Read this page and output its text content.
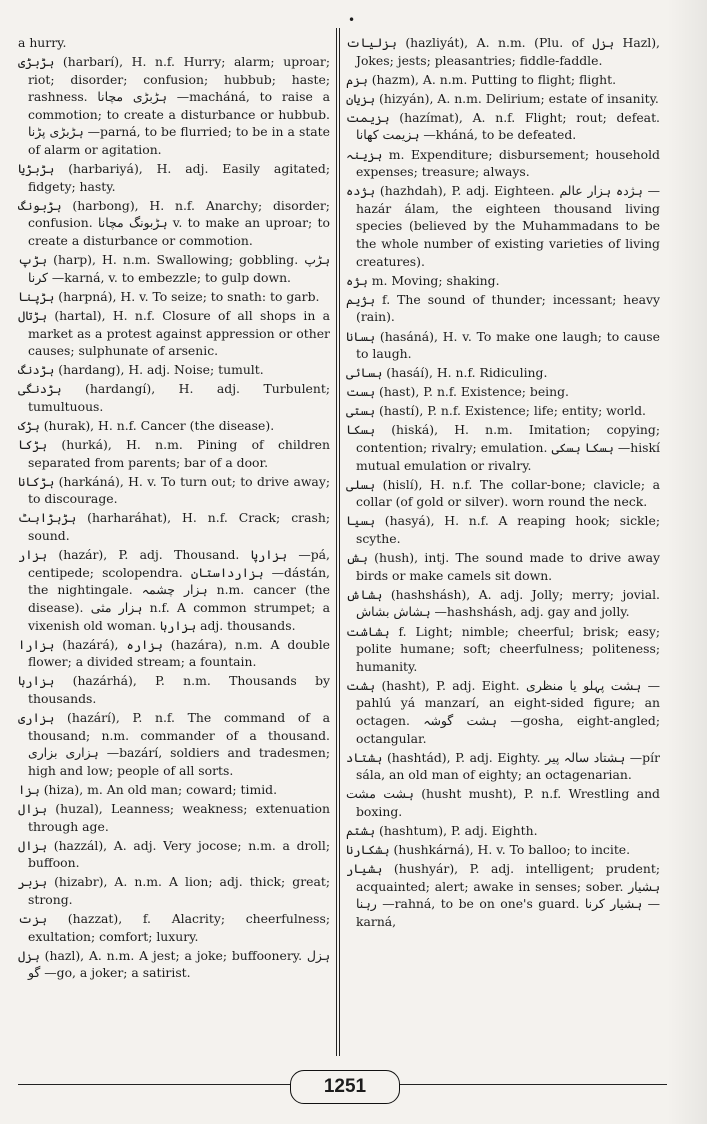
•

a hurry.

ہڑبڑی (harbarí), H. n.f. Hurry; alarm; uproar; riot; disorder; confusion; hubbub; haste; rashness. ہڑبڑی مچانا —macháná, to raise a commotion; to create a disturbance or hubbub. ہڑبڑی پڑنا —parná, to be flurried; to be in a state of alarm or agitation.

ہڑبڑیا (harbariyá), H. adj. Easily agitated; fidgety; hasty.

ہڑبونگ (harbong), H. n.f. Anarchy; disorder; confusion. ہڑبونگ مچانا v. to make an uproar; to create a disturbance or commotion.

ہڑپ (harp), H. n.m. Swallowing; gobbling. ہڑپ کرنا —karná, v. to embezzle; to gulp down.

ہڑپنا (harpná), H. v. To seize; to snath: to garb.

ہڑتال (hartal), H. n.f. Closure of all shops in a market as a protest against appression or other causes; sulphunate of arsenic.

ہڑدنگ (hardang), H. adj. Noise; tumult.

ہڑدنگی (hardangí), H. adj. Turbulent; tumultuous.

ہڑک (hurak), H. n.f. Cancer (the disease).

ہڑکا (hurká), H. n.m. Pining of children separated from parents; bar of a door.

ہڑکانا (harkáná), H. v. To turn out; to drive away; to discourage.

ہڑہڑاہٹ (harharáhat), H. n.f. Crack; crash; sound.

ہزار (hazár), P. adj. Thousand. ہزارپا —pá, centipede; scolopendra. ہزارداستان —dástán, the nightingale. ہزار چشمہ n.m. cancer (the disease). ہزار مثی n.f. A common strumpet; a vixenish old woman. ہزارہا adj. thousands.

ہزارا (hazárá), ہزارہ (hazára), n.m. A double flower; a divided stream; a fountain.

ہزارہا (hazárhá), P. n.m. Thousands by thousands.

ہزاری (hazárí), P. n.f. The command of a thousand; n.m. commander of a thousand. ہزاری بزاری —bazárí, soldiers and tradesmen; high and low; people of all sorts.

ہزا (hiza), m. An old man; coward; timid.

ہزال (huzal), Leanness; weakness; extenuation through age.

ہزال (hazzál), A. adj. Very jocose; n.m. a droll; buffoon.

ہزبر (hizabr), A. n.m. A lion; adj. thick; great; strong.

ہزت (hazzat), f. Alacrity; cheerfulness; exultation; comfort; luxury.

ہزل (hazl), A. n.m. A jest; a joke; buffoonery. ہزل گو —go, a joker; a satirist.

ہزلیات (hazliyát), A. n.m. (Plu. of ہزل Hazl), Jokes; jests; pleasantries; fiddle-faddle.

ہزم (hazm), A. n.m. Putting to flight; flight.

ہزیان (hizyán), A. n.m. Delirium; estate of insanity.

ہزیمت (hazímat), A. n.f. Flight; rout; defeat. ہزیمت کھانا —kháná, to be defeated.

ہزینہ m. Expenditure; disbursement; household expenses; treasure; always.

ہژدہ (hazhdah), P. adj. Eighteen. ہژدہ ہزار عالم —hazár álam, the eighteen thousand living species (believed by the Muhammadans to be the whole number of existing varieties of living creatures).

ہژہ m. Moving; shaking.

ہژیم f. The sound of thunder; incessant; heavy (rain).

ہسانا (hasáná), H. v. To make one laugh; to cause to laugh.

ہسائی (hasáí), H. n.f. Ridiculing.

ہست (hast), P. n.f. Existence; being.

ہستی (hastí), P. n.f. Existence; life; entity; world.

ہسکا (hiská), H. n.m. Imitation; copying; contention; rivalry; emulation. ہسکا ہسکی —hiskí mutual emulation or rivalry.

ہسلی (hislí), H. n.f. The collar-bone; clavicle; a collar (of gold or silver). worn round the neck.

ہسیا (hasyá), H. n.f. A reaping hook; sickle; scythe.

ہش (hush), intj. The sound made to drive away birds or make camels sit down.

ہشاش (hashshásh), A. adj. Jolly; merry; jovial. ہشاش بشاش —hashshásh, adj. gay and jolly.

ہشاشت f. Light; nimble; cheerful; brisk; easy; polite humane; soft; cheerfulness; politeness; humanity.

ہشت (hasht), P. adj. Eight. ہشت پہلو یا منظری —pahlú yá manzarí, an eight-sided figure; an octagen. ہشت گوشہ —gosha, eight-angled; octangular.

ہشتاد (hashtád), P. adj. Eighty. ہشتاد سالہ پیر —pír sála, an old man of eighty; an octagenarian.

ہشت مشت (husht musht), P. n.f. Wrestling and boxing.

ہشتم (hashtum), P. adj. Eighth.

ہشکارنا (hushkárná), H. v. To balloo; to incite.

ہشیار (hushyár), P. adj. intelligent; prudent; acquainted; alert; awake in senses; sober. ہشیار رہنا —rahná, to be on one's guard. ہشیار کرنا —karná,

1251
